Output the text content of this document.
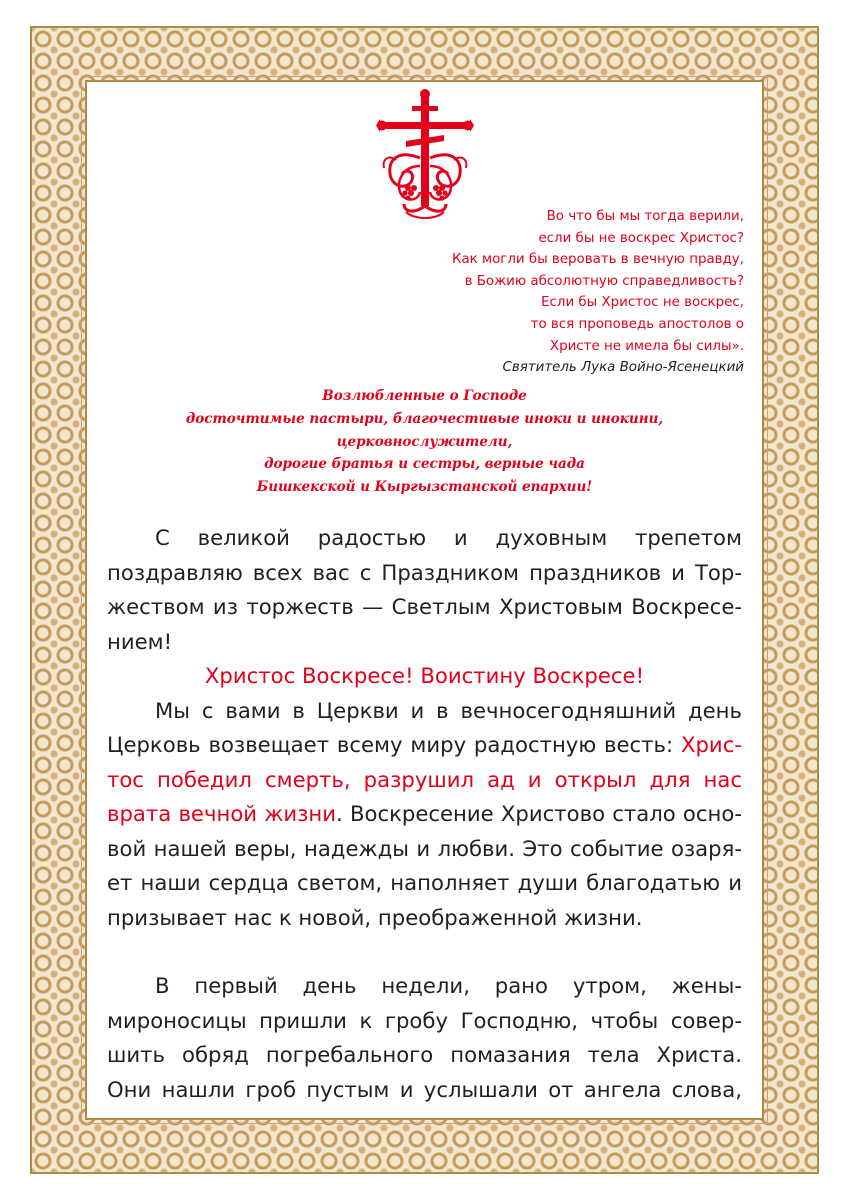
Во что бы мы тогда верили,
если бы не воскрес Христос?
Как могли бы веровать в вечную правду,
в Божию абсолютную справедливость?
Если бы Христос не воскрес,
то вся проповедь апостолов о
Христе не имела бы силы».
Святитель Лука Войно-Ясенецкий
Возлюбленные о Господе
досточтимые пастыри, благочестивые иноки и инокини,
церковнослужители,
дорогие братья и сестры, верные чада
Бишкекской и Кыргызстанской епархии!
С великой радостью и духовным трепетом
поздравляю всех вас с Праздником праздников и Тор-
жеством из торжеств — Светлым Христовым Воскресе-
нием!
Христос Воскресе! Воистину Воскресе!
Мы с вами в Церкви и в вечносегодняшний день
Церковь возвещает всему миру радостную весть: Хрис-
тос победил смерть, разрушил ад и открыл для нас
врата вечной жизни. Воскресение Христово стало осно-
вой нашей веры, надежды и любви. Это событие озаря-
ет наши сердца светом, наполняет души благодатью и
призывает нас к новой, преображенной жизни.
В первый день недели, рано утром, жены-
мироносицы пришли к гробу Господню, чтобы совер-
шить обряд погребального помазания тела Христа.
Они нашли гроб пустым и услышали от ангела слова,
